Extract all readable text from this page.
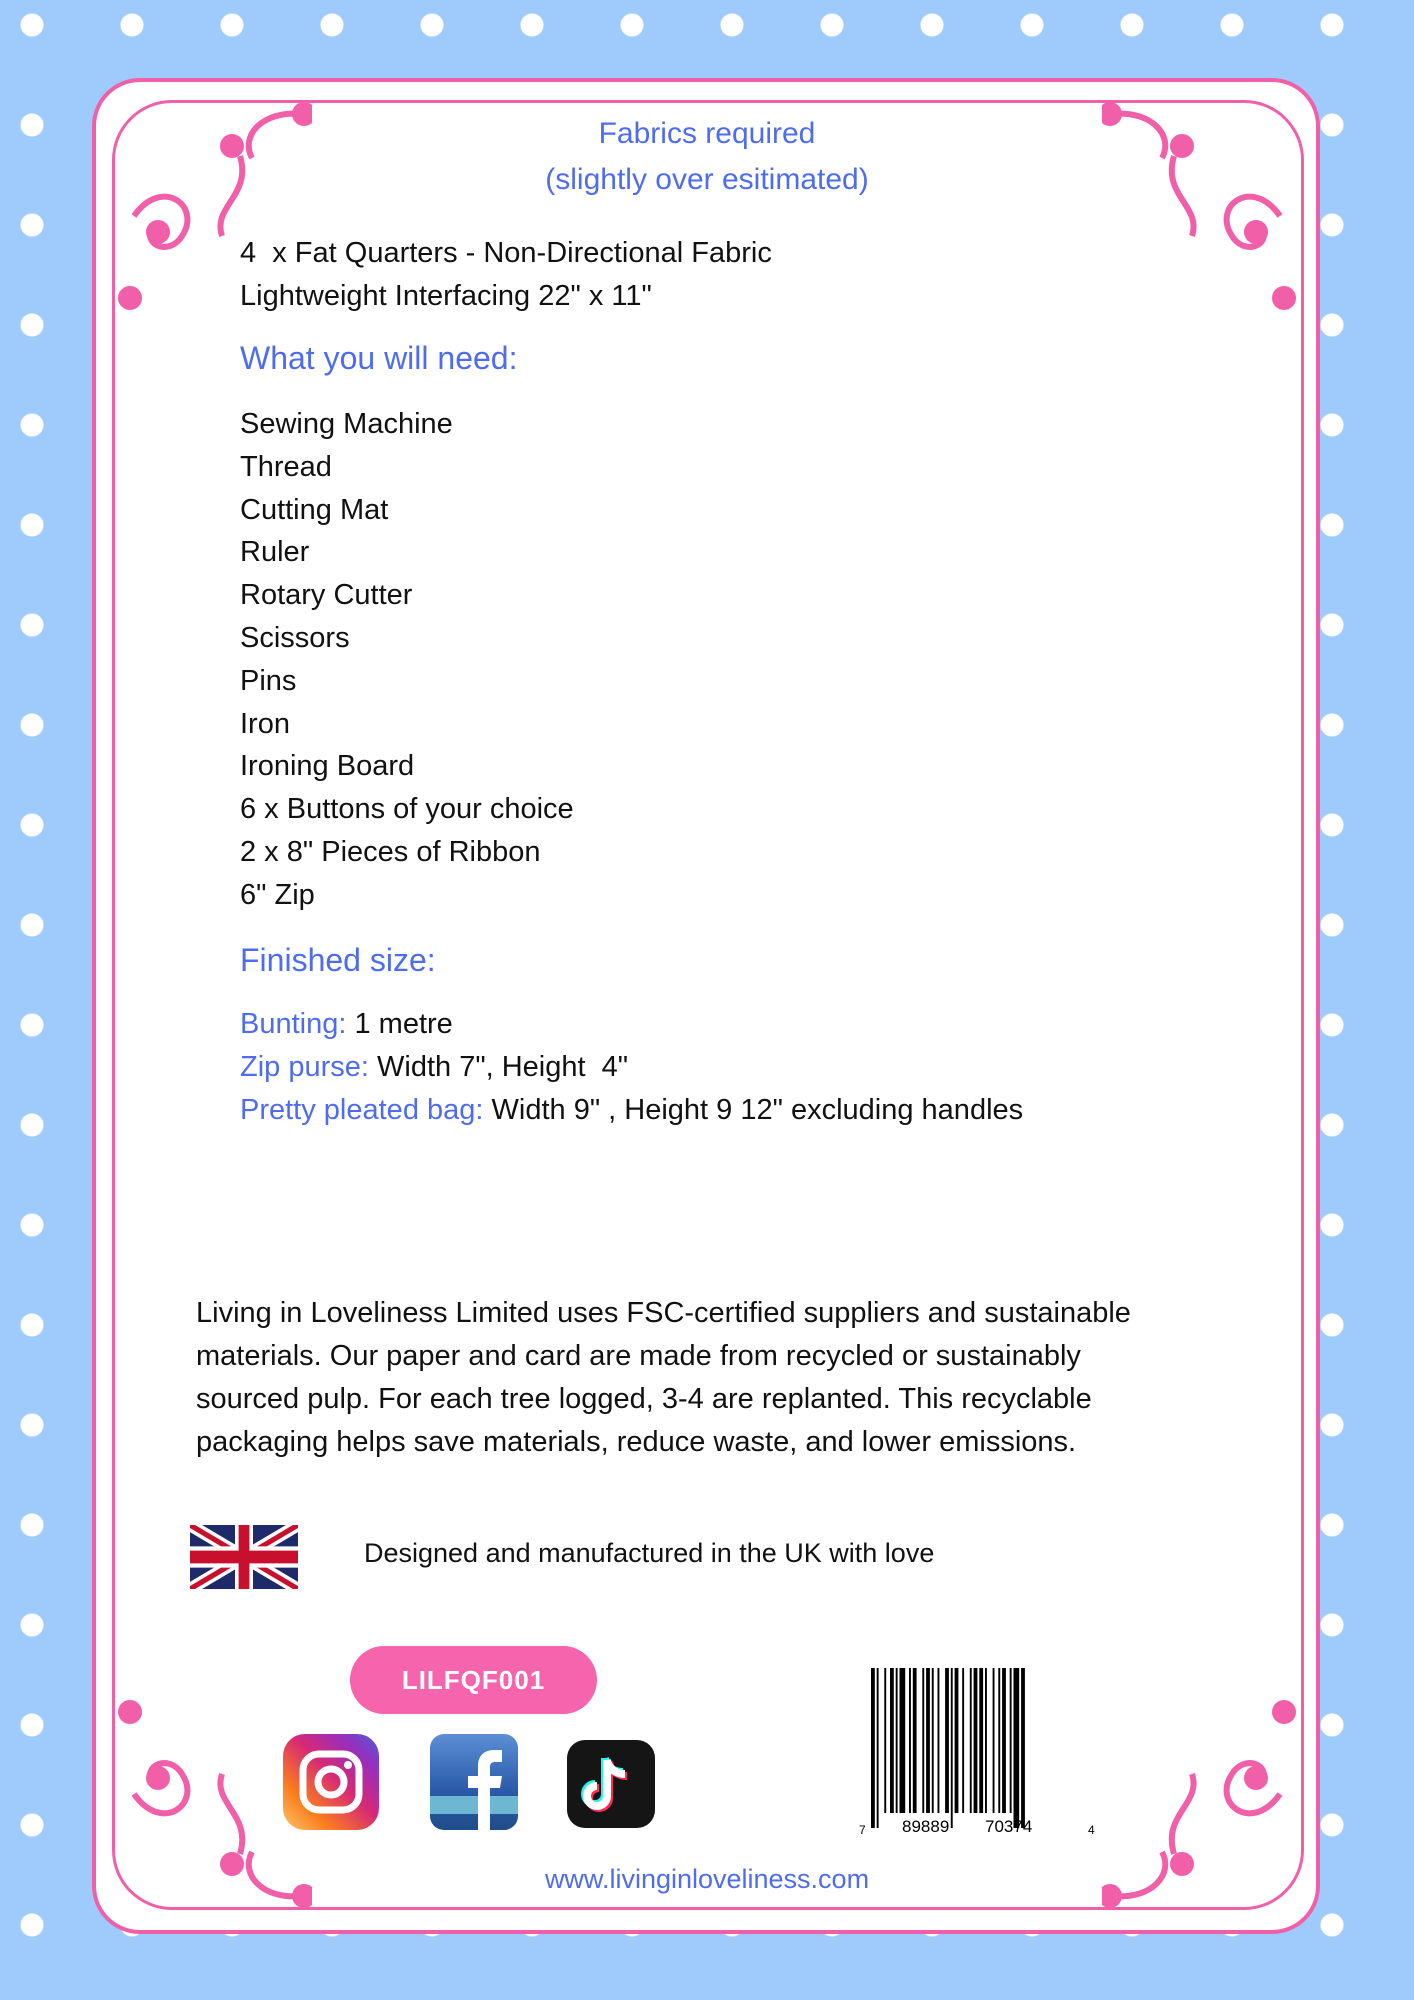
Fabrics required
(slightly over esitimated)
4  x Fat Quarters - Non-Directional Fabric
Lightweight Interfacing 22" x 11"
What you will need:
Sewing Machine
Thread
Cutting Mat
Ruler
Rotary Cutter
Scissors
Pins
Iron
Ironing Board
6 x Buttons of your choice
2 x 8" Pieces of Ribbon
6" Zip
Finished size:
Bunting: 1 metre
Zip purse: Width 7", Height  4"
Pretty pleated bag: Width 9" , Height 9 12" excluding handles
Living in Loveliness Limited uses FSC-certified suppliers and sustainable
materials. Our paper and card are made from recycled or sustainably
sourced pulp. For each tree logged, 3-4 are replanted. This recyclable
packaging helps save materials, reduce waste, and lower emissions.
Designed and manufactured in the UK with love
LILFQF001
7 89889 70374	4
www.livinginloveliness.com
